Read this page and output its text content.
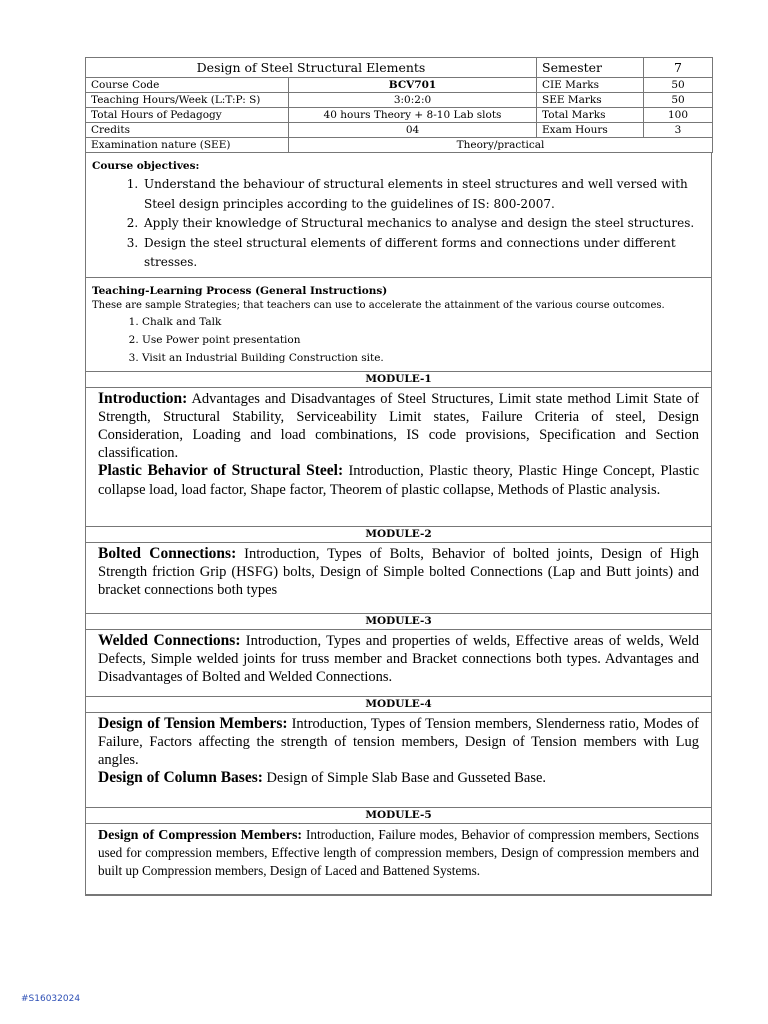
Design of Steel Structural Elements		Semester	7
Course Code	BCV701	CIE Marks	50
Teaching Hours/Week (L:T:P: S)	3:0:2:0	SEE Marks	50
Total Hours of Pedagogy	40 hours Theory + 8-10 Lab slots	Total Marks	100
Credits	04	Exam Hours	3
Examination nature (SEE)	Theory/practical		
Course objectives:
1. Understand the behaviour of structural elements in steel structures and well versed with Steel design principles according to the guidelines of IS: 800-2007.
2. Apply their knowledge of Structural mechanics to analyse and design the steel structures.
3. Design the steel structural elements of different forms and connections under different stresses.
Teaching-Learning Process (General Instructions)
These are sample Strategies; that teachers can use to accelerate the attainment of the various course outcomes.
1. Chalk and Talk
2. Use Power point presentation
3. Visit an Industrial Building Construction site.
MODULE-1

Introduction: Advantages and Disadvantages of Steel Structures, Limit state method Limit State of Strength, Structural Stability, Serviceability Limit states, Failure Criteria of steel, Design Consideration, Loading and load combinations, IS code provisions, Specification and Section classification.

Plastic Behavior of Structural Steel: Introduction, Plastic theory, Plastic Hinge Concept, Plastic collapse load, load factor, Shape factor, Theorem of plastic collapse, Methods of Plastic analysis.

MODULE-2

Bolted Connections: Introduction, Types of Bolts, Behavior of bolted joints, Design of High Strength friction Grip (HSFG) bolts, Design of Simple bolted Connections (Lap and Butt joints) and bracket connections both types

MODULE-3

Welded Connections: Introduction, Types and properties of welds, Effective areas of welds, Weld Defects, Simple welded joints for truss member and Bracket connections both types. Advantages and Disadvantages of Bolted and Welded Connections.

MODULE-4

Design of Tension Members: Introduction, Types of Tension members, Slenderness ratio, Modes of Failure, Factors affecting the strength of tension members, Design of Tension members with Lug angles.

Design of Column Bases: Design of Simple Slab Base and Gusseted Base.

MODULE-5

Design of Compression Members: Introduction, Failure modes, Behavior of compression members, Sections used for compression members, Effective length of compression members, Design of compression members and built up Compression members, Design of Laced and Battened Systems.

#S16032024
